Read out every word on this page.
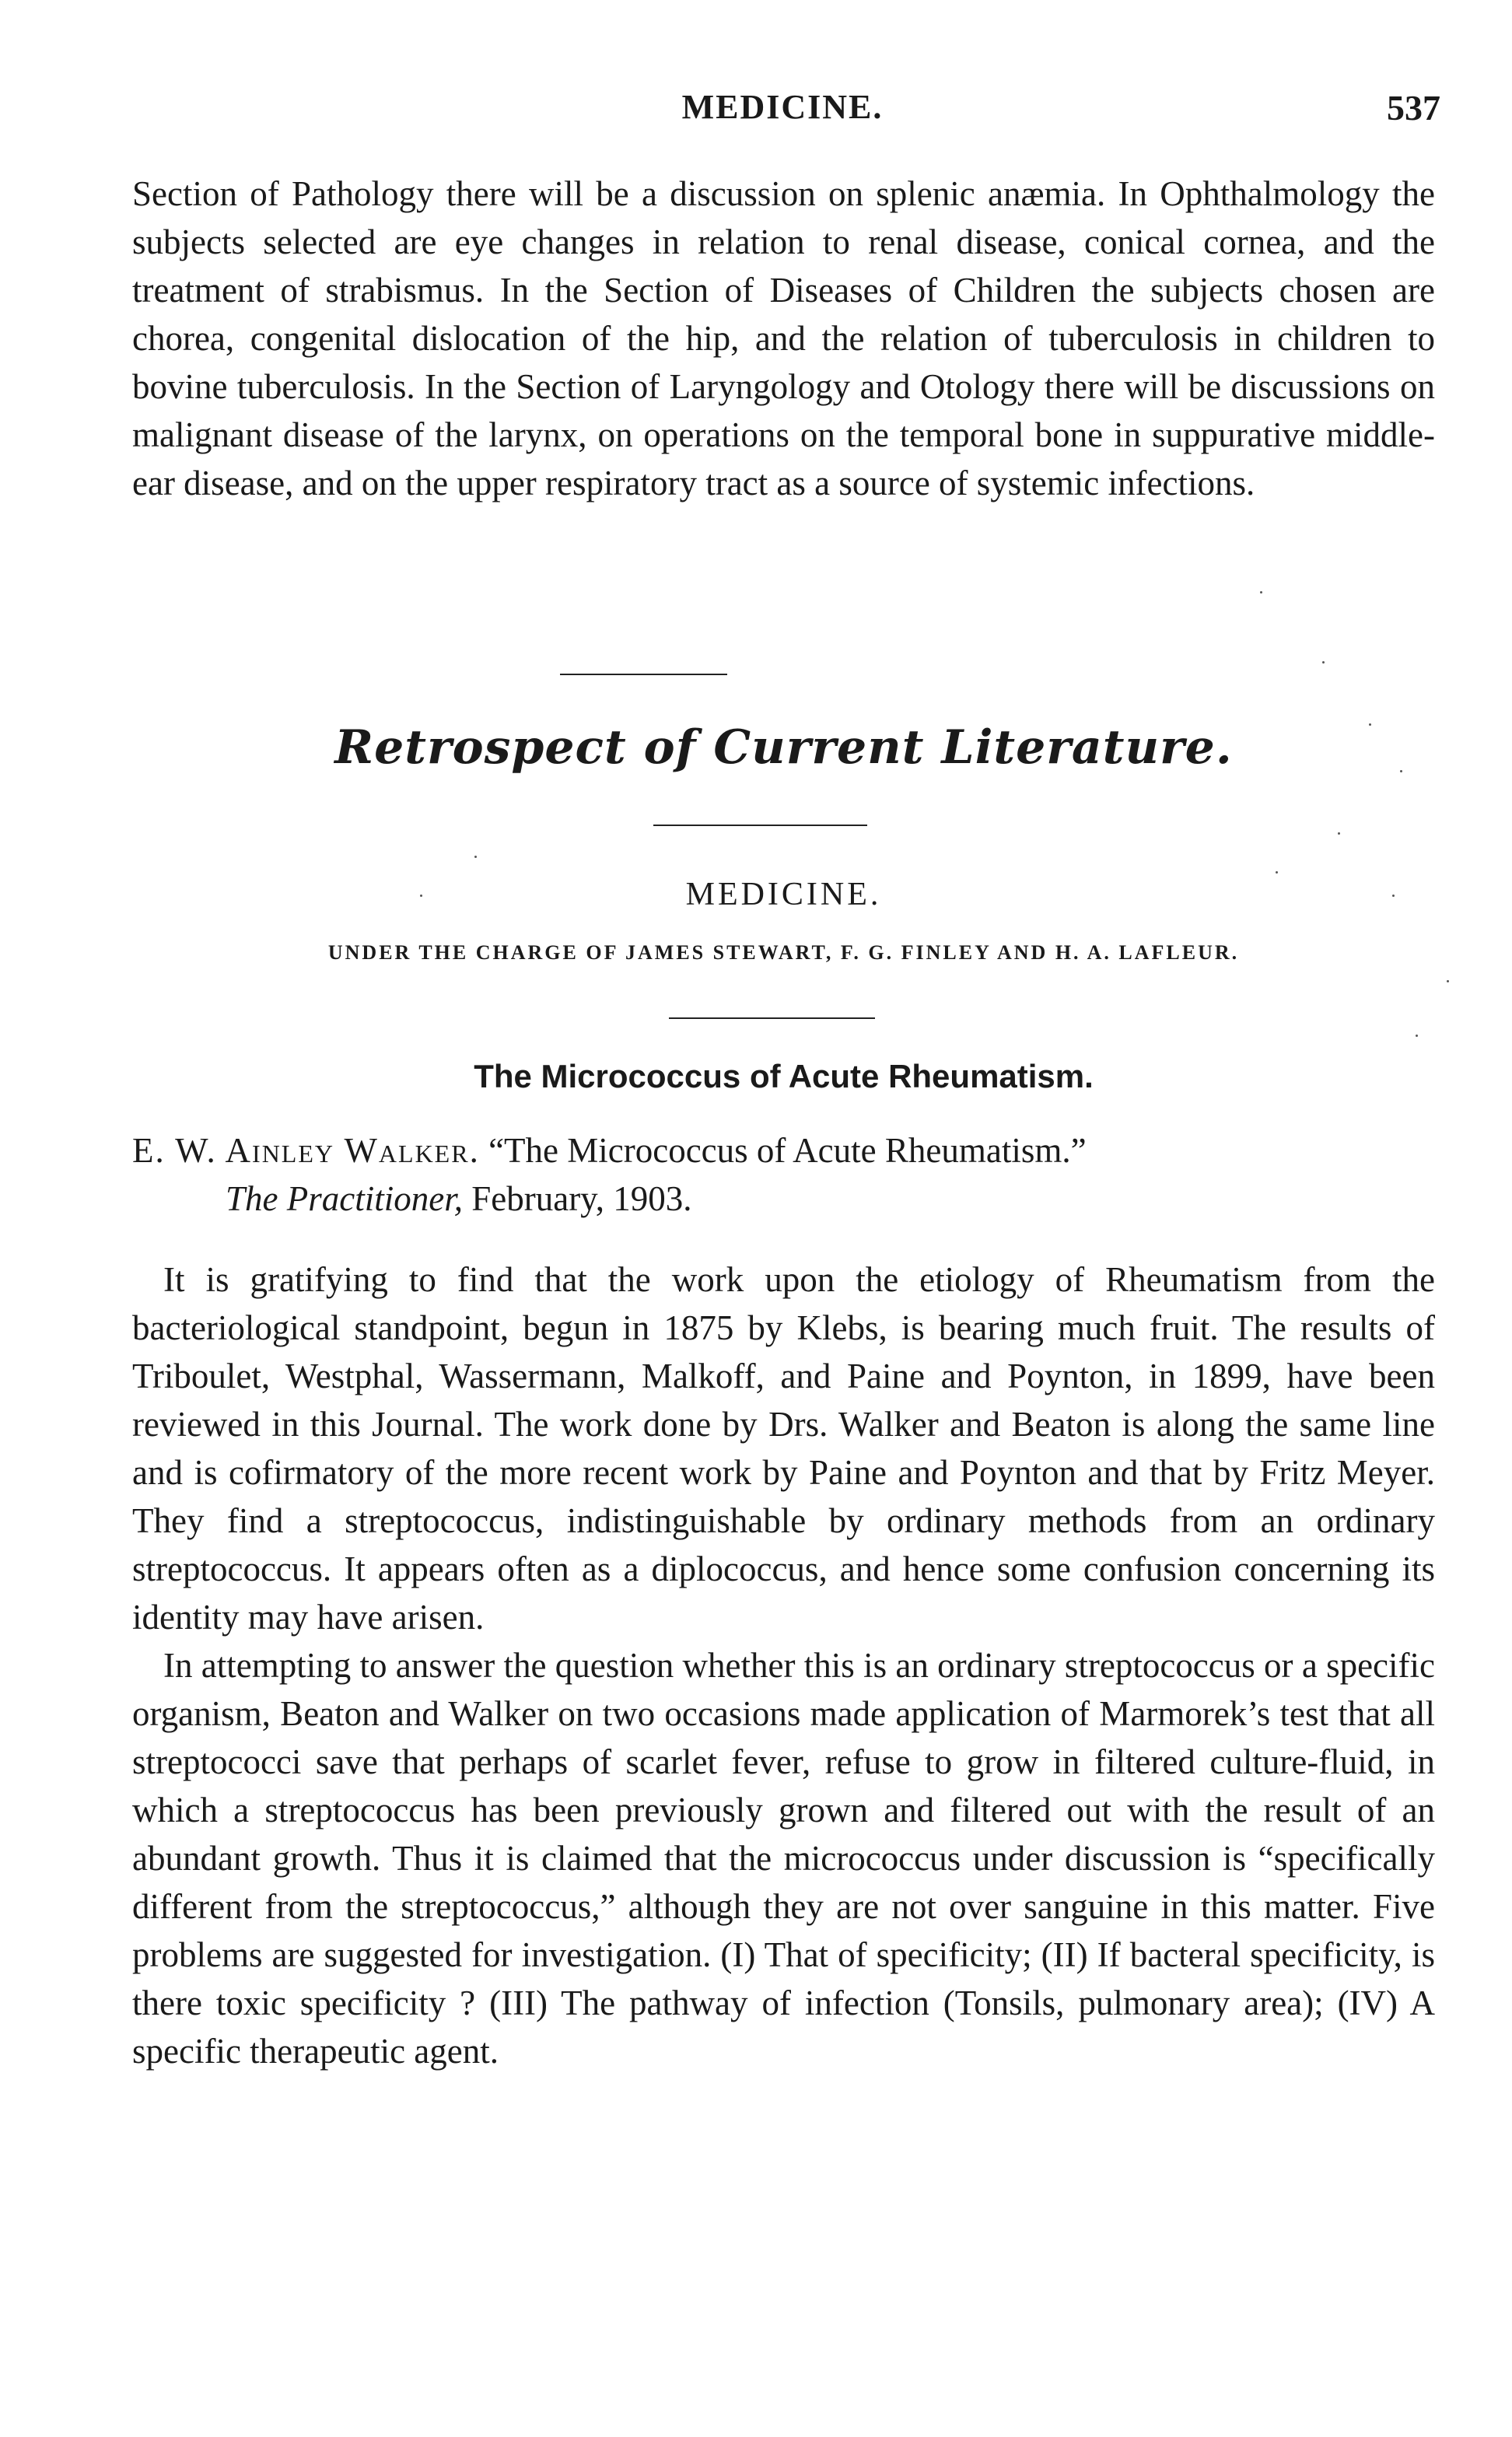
MEDICINE.	537

Section of Pathology there will be a discussion on splenic anæmia. In Ophthalmology the subjects selected are eye changes in relation to renal disease, conical cornea, and the treatment of strabismus. In the Section of Diseases of Children the subjects chosen are chorea, congenital dislocation of the hip, and the relation of tuberculosis in children to bovine tuberculosis. In the Section of Laryngology and Otology there will be discussions on malignant disease of the larynx, on operations on the temporal bone in suppurative middle-ear disease, and on the upper respiratory tract as a source of systemic infections.

Retrospect of Current Literature.
MEDICINE.
UNDER THE CHARGE OF JAMES STEWART, F. G. FINLEY AND H. A. LAFLEUR.
The Micrococcus of Acute Rheumatism.
E. W. Ainley Walker. “The Micrococcus of Acute Rheumatism.”
The Practitioner, February, 1903.

It is gratifying to find that the work upon the etiology of Rheumatism from the bacteriological standpoint, begun in 1875 by Klebs, is bearing much fruit. The results of Triboulet, Westphal, Wassermann, Malkoff, and Paine and Poynton, in 1899, have been reviewed in this Journal. The work done by Drs. Walker and Beaton is along the same line and is cofirmatory of the more recent work by Paine and Poynton and that by Fritz Meyer. They find a streptococcus, indistinguishable by ordinary methods from an ordinary streptococcus. It appears often as a diplococcus, and hence some confusion concerning its identity may have arisen.

In attempting to answer the question whether this is an ordinary streptococcus or a specific organism, Beaton and Walker on two occasions made application of Marmorek’s test that all streptococci save that perhaps of scarlet fever, refuse to grow in filtered culture-fluid, in which a streptococcus has been previously grown and filtered out with the result of an abundant growth. Thus it is claimed that the micrococcus under discussion is “specifically different from the streptococcus,” although they are not over sanguine in this matter. Five problems are suggested for investigation. (I) That of specificity; (II) If bacteral specificity, is there toxic specificity ? (III) The pathway of infection (Tonsils, pulmonary area); (IV) A specific therapeutic agent.
